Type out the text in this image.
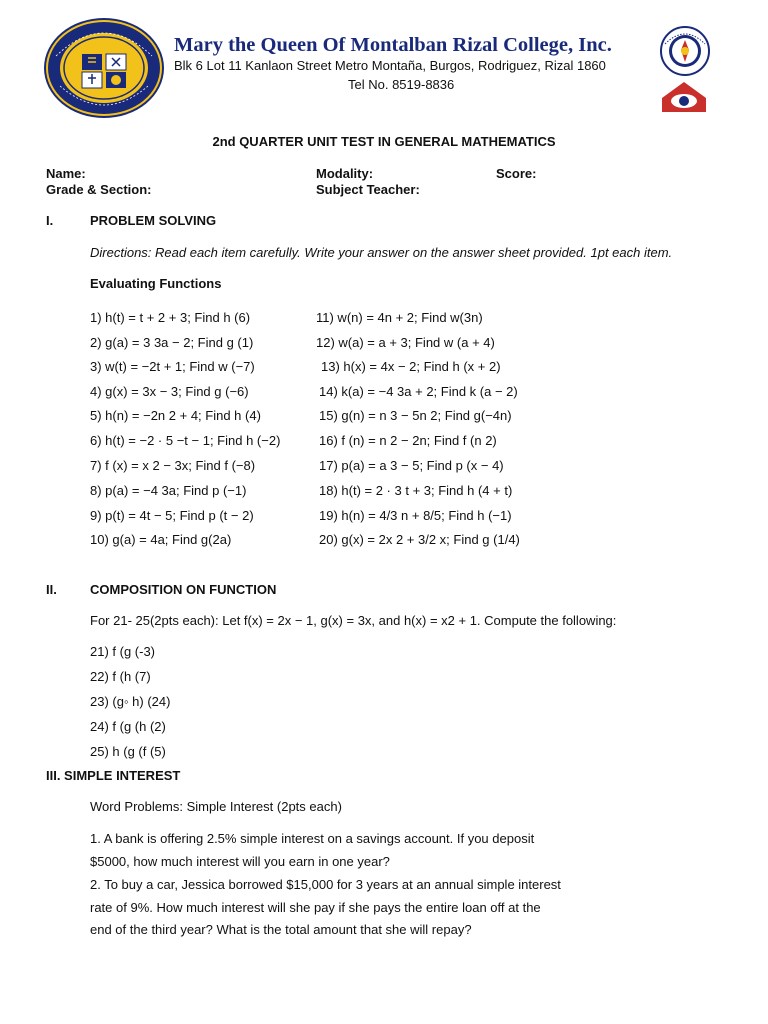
Mary the Queen Of Montalban Rizal College, Inc.
Blk 6 Lot 11 Kanlaon Street Metro Montaña, Burgos, Rodriguez, Rizal 1860
Tel No. 8519-8836
2nd QUARTER UNIT TEST IN GENERAL MATHEMATICS
Name:	Modality:	Score:
Grade & Section:	Subject Teacher:
I.	PROBLEM SOLVING
Directions: Read each item carefully. Write your answer on the answer sheet provided. 1pt each item.
Evaluating Functions
1) h(t) = t + 2 + 3; Find h (6)
2) g(a) = 3 3a − 2; Find g (1)
3) w(t) = −2t + 1; Find w (−7)
4) g(x) = 3x − 3; Find g (−6)
5) h(n) = −2n 2 + 4; Find h (4)
6) h(t) = −2 · 5 −t − 1; Find h (−2)
7) f (x) = x 2 − 3x; Find f (−8)
8) p(a) = −4 3a; Find p (−1)
9) p(t) = 4t − 5; Find p (t − 2)
10) g(a) = 4a; Find g(2a)
11) w(n) = 4n + 2; Find w(3n)
12) w(a) = a + 3; Find w (a + 4)
13) h(x) = 4x − 2; Find h (x + 2)
14) k(a) = −4 3a + 2; Find k (a − 2)
15) g(n) = n 3 − 5n 2; Find g(−4n)
16) f (n) = n 2 − 2n; Find f (n 2)
17) p(a) = a 3 − 5; Find p (x − 4)
18) h(t) = 2 · 3 t + 3; Find h (4 + t)
19) h(n) = 4/3 n + 8/5; Find h (−1)
20) g(x) = 2x 2 + 3/2 x; Find g (1/4)
II.	COMPOSITION ON FUNCTION
For 21- 25(2pts each): Let f(x) = 2x − 1, g(x) = 3x, and h(x) = x2 + 1. Compute the following:
21) f (g (-3)
22) f (h (7)
23) (g◦ h) (24)
24) f (g (h (2)
25) h (g (f (5)
III. SIMPLE INTEREST
Word Problems: Simple Interest (2pts each)
1. A bank is offering 2.5% simple interest on a savings account. If you deposit
$5000, how much interest will you earn in one year?
2. To buy a car, Jessica borrowed $15,000 for 3 years at an annual simple interest
rate of 9%. How much interest will she pay if she pays the entire loan off at the
end of the third year? What is the total amount that she will repay?
